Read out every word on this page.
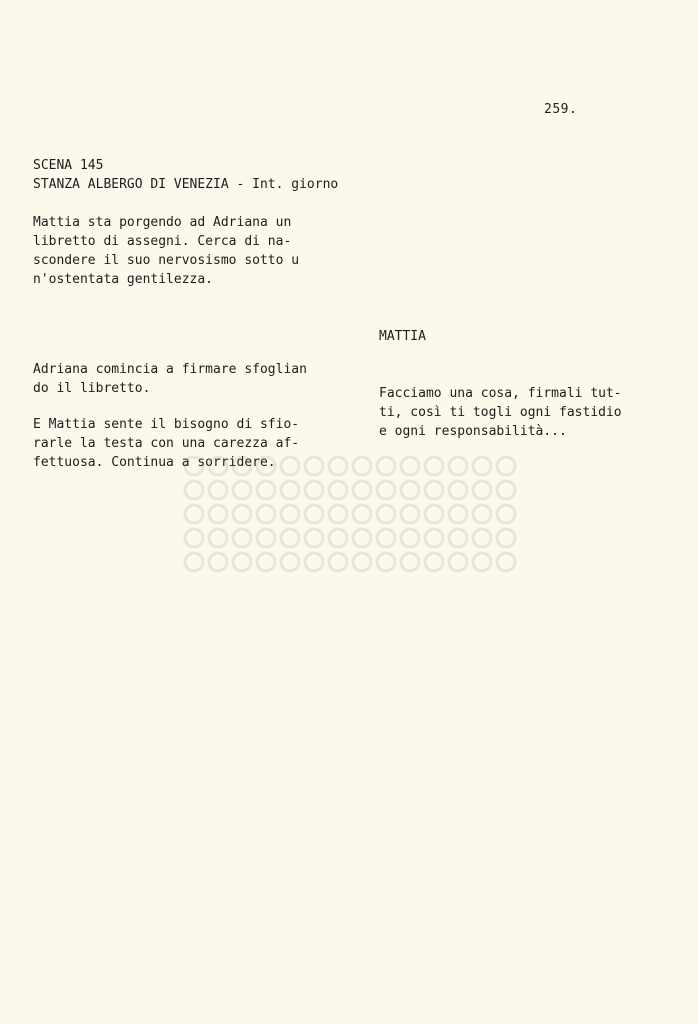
259.
SCENA 145
STANZA ALBERGO DI VENEZIA - Int. giorno
Mattia sta porgendo ad Adriana un
libretto di assegni. Cerca di na-
scondere il suo nervosismo sotto u
n'ostentata gentilezza.

MATTIA

Facciamo una cosa, firmali tut-
ti, così ti togli ogni fastidio
e ogni responsabilità...

Adriana comincia a firmare sfoglian
do il libretto.
E Mattia sente il bisogno di sfio-
rarle la testa con una carezza af-
fettuosa. Continua a sorridere.
